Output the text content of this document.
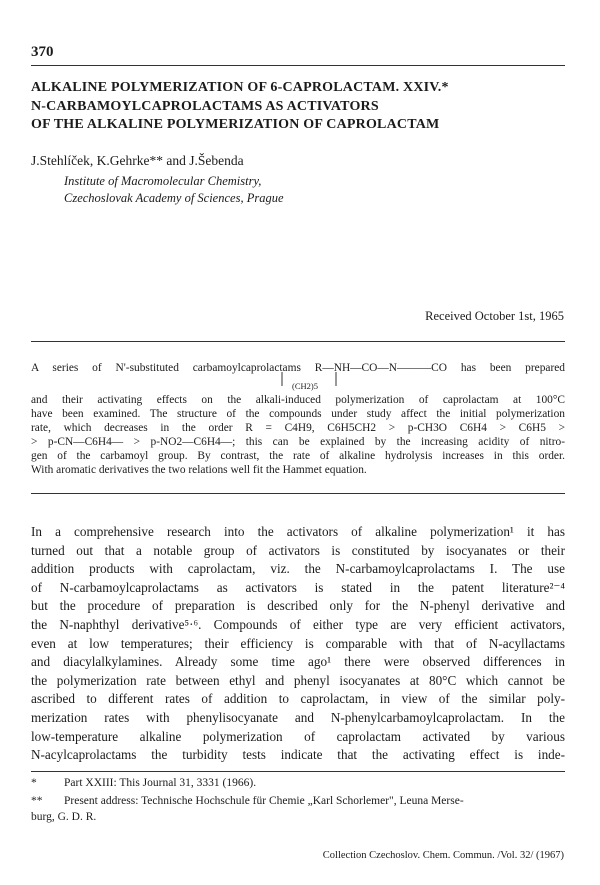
370
ALKALINE POLYMERIZATION OF 6-CAPROLACTAM. XXIV.*
N-CARBAMOYLCAPROLACTAMS AS ACTIVATORS
OF THE ALKALINE POLYMERIZATION OF CAPROLACTAM
J.Stehlíček, K.Gehrke** and J.Šebenda
Institute of Macromolecular Chemistry,
Czechoslovak Academy of Sciences, Prague
Received October 1st, 1965
A series of N'-substituted carbamoylcaprolactams R—NH—CO—N———CO has been prepared
(CH2)5
and their activating effects on the alkali-induced polymerization of caprolactam at 100°C
have been examined. The structure of the compounds under study affect the initial polymerization
rate, which decreases in the order R = C4H9, C6H5CH2 > p-CH3O C6H4 > C6H5 >
> p-CN—C6H4— > p-NO2—C6H4—; this can be explained by the increasing acidity of nitro-
gen of the carbamoyl group. By contrast, the rate of alkaline hydrolysis increases in this order.
With aromatic derivatives the two relations well fit the Hammet equation.
In a comprehensive research into the activators of alkaline polymerization¹ it has
turned out that a notable group of activators is constituted by isocyanates or their
addition products with caprolactam, viz. the N-carbamoylcaprolactams I. The use
of N-carbamoylcaprolactams as activators is stated in the patent literature²⁻⁴
but the procedure of preparation is described only for the N-phenyl derivative and
the N-naphthyl derivative⁵·⁶. Compounds of either type are very efficient activators,
even at low temperatures; their efficiency is comparable with that of N-acyllactams
and diacylalkylamines. Already some time ago¹ there were observed differences in
the polymerization rate between ethyl and phenyl isocyanates at 80°C which cannot be
ascribed to different rates of addition to caprolactam, in view of the similar poly-
merization rates with phenylisocyanate and N-phenylcarbamoylcaprolactam. In the
low-temperature alkaline polymerization of caprolactam activated by various
N-acylcaprolactams the turbidity tests indicate that the activating effect is inde-
* Part XXIII: This Journal 31, 3331 (1966).
** Present address: Technische Hochschule für Chemie „Karl Schorlemer", Leuna Merse-
burg, G. D. R.
Collection Czechoslov. Chem. Commun. /Vol. 32/ (1967)
